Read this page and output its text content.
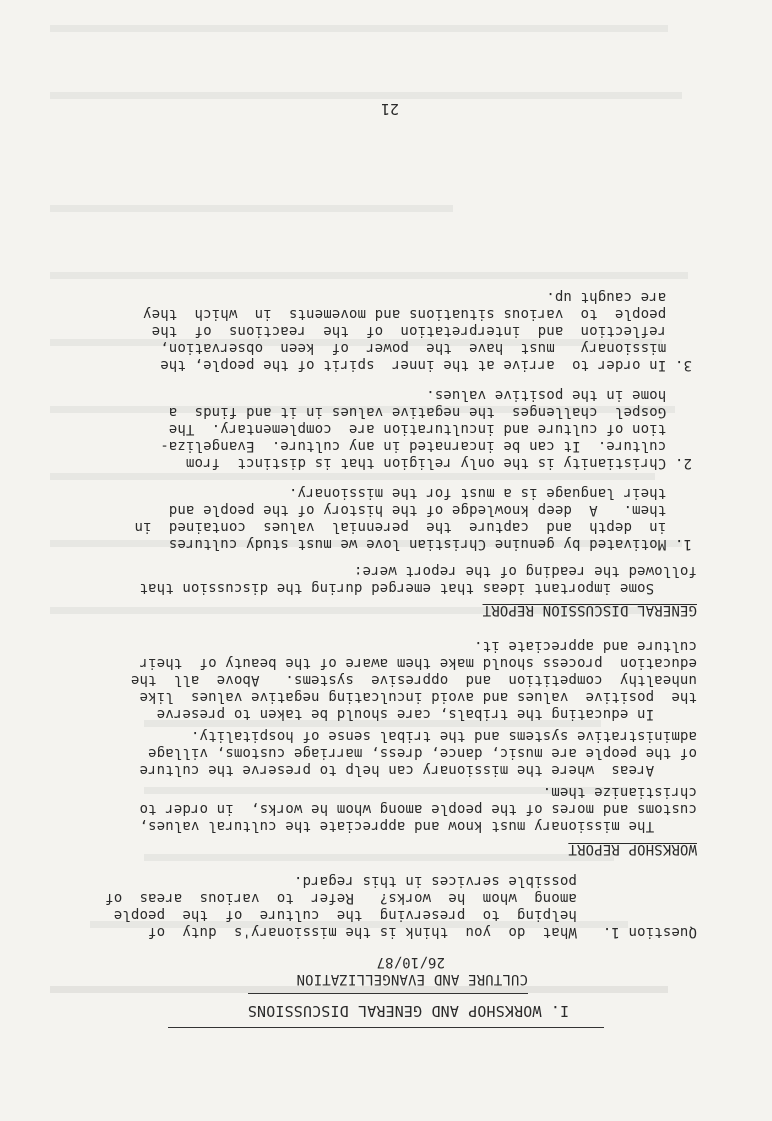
I. WORKSHOP AND GENERAL DISCUSSIONS
CULTURE AND EVANGELLIZATION
26/10/87
Question 1.   What  do  you  think is the missionary's  duty  of
helping  to  preserving  the  culture  of  the  people
among  whom  he  works?   Refer  to  various  areas  of
possible services in this regard.
WORKSHOP REPORT
The missionary must know and appreciate the cultural values,
customs and mores of the people among whom he works,  in order to
christianize them.
Areas  where the missionary can help to preserve the culture
of the people are music, dance, dress, marriage customs, village
administrative systems and the tribal sense of hospitality.
In educating the tribals, care should be taken to preserve
the  positive  values and avoid inculcating negative values  like
unhealthy  competition  and  oppresive  systems.   Above  all  the
education  process should make them aware of the beauty of  their
culture and appreciate it.
GENERAL DISCUSSION REPORT
Some important ideas that emerged during the discussion that
followed the reading of the report were:
1. Motivated by genuine Christian love we must study cultures
in  depth  and  capture  the  perennial  values  contained  in
them.   A  deep knowledge of the history of the people and
their language is a must for the missionary.
2. Christianity is the only religion that is distinct  from
culture.  It can be incarnated in any culture.  Evangeliza-
tion of culture and inculturation are  complementary.  The
Gospel  challenges  the negative values in it and finds  a
home in the positive values.
3. In order to  arrive at the inner  spirit of the people, the
missionary   must  have  the  power  of  keen  observation,
reflection  and  interpretation  of  the  reactions  of  the
people  to  various situations and movements  in  which  they
are caught up.
21
